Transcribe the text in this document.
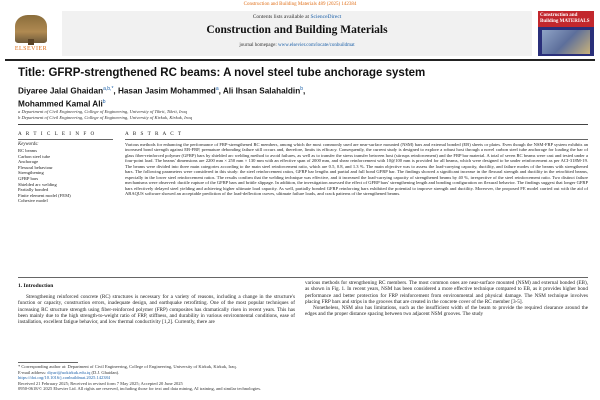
Construction and Building Materials 489 (2025) 142384
ELSEVIER
Contents lists available at ScienceDirect
Construction and Building Materials
journal homepage: www.elsevier.com/locate/conbuildmat
Construction and Building MATERIALS
Title: GFRP-strengthened RC beams: A novel steel tube anchorage system
Diyaree Jalal Ghaidan$^{a,b,*}$, Hasan Jasim Mohammed$^a$, Ali Ihsan Salahaldin$^b$,
Mohammed Kamal Ali$^b$
a Department of Civil Engineering, College of Engineering, University of Tikrit, Tikrit, Iraq
b Department of Civil Engineering, College of Engineering, University of Kirkuk, Kirkuk, Iraq
A R T I C L E I N F O
Keywords:
RC beams
Carbon steel tube
Anchorage
Flexural behaviour
Strengthening
GFRP bars
Shielded arc welding
Partially bonded
Finite element model (FEM)
Cohesive model
A B S T R A C T
Various methods for enhancing the performance of FRP-strengthened RC members, among which the most commonly used are near-surface mounted (NSM) bars and external bonded (EB) sheets or plates. Even though the NSM-FRP system exhibits an increased bond strength against EB-FRP, premature debonding failure still occurs and, therefore, limits its efficacy. Consequently, the current study is designed to explore a robust host through a novel carbon steel tube anchorage for loading the bar of glass fiber-reinforced polymer (GFRP) bars by shielded arc welding method to avoid failures, as well as to transfer the stress transfer between host (stirrups reinforcement) and the FRP bar material. A total of seven RC beams were cast and tested under a four-point load. The beams' dimensions are 2200 mm × 250 mm × 130 mm with an effective span of 2000 mm, and shear reinforcement with 10@100 mm is provided for all beams, which were designed to be under reinforcement as per ACI-318M-19. The beams were divided into three main categories according to the main steel reinforcement ratio, which are 0.5, 0.8, and 1.3 %. The main objective was to assess the load-carrying capacity, ductility, and failure modes of the beams with strengthened bars. The following parameters were considered in this study: the steel reinforcement ratios, GFRP bar lengths and partial and full bond GFRP bar. The findings showed a significant increase in the flexural strength and ductility in the retrofitted beams, especially in the lower steel reinforcement ratios. The results confirm that the welding technique was effective, and it increased the load-carrying capacity of strengthened beams by 40 %, irrespective of the steel reinforcement ratio. Two distinct failure mechanisms were observed: ductile rupture of the GFRP bars and brittle slippage. In addition, the investigation assessed the effect of GFRP bars' strengthening length and bonding configuration on flexural behavior. The findings suggest that longer GFRP bars effectively delayed steel yielding and achieving higher ultimate load capacity. As well, partially bonded GFRP reinforcing bars exhibited the potential to improve strength and ductility. Moreover, the proposed FE model carried out with the aid of ABAQUS software showed an acceptable prediction of the load-deflection curves, ultimate failure loads, and crack patterns of the strengthened beams.
1. Introduction
Strengthening reinforced concrete (RC) structures is necessary for a variety of reasons, including a change in the structure's function or capacity, construction errors, inadequate design, and earthquake retrofitting. One of the most popular techniques of increasing RC structure strength using fiber-reinforced polymer (FRP) composites has dramatically risen in recent years. This has been mainly due to the high strength-to-weight ratio of FRP, stiffness, and durability in various environmental conditions, ease of installation, excellent fatigue behavior, and low thermal conductivity [1,2]. Currently, there are

various methods for strengthening RC members. The most common ones are near-surface mounted (NSM) and external bonded (EB), as shown in Fig. 1. In recent years, NSM has been considered a more effective technique compared to EB, as it provides higher bond performance and better protection for FRP reinforcement from environmental and physical damage. The NSM technique involves placing FRP bars and strips in the grooves that are created in the concrete cover of the RC member [3-5].

Nonetheless, NSM also has limitations, such as the insufficient width of the beam to provide the required clearance around the edges and the proper distance spacing between two adjacent NSM grooves. The study

* Corresponding author at: Department of Civil Engineering, College of Engineering, University of Kirkuk, Kirkuk, Iraq.
E-mail address: diyari@uokirkuk.edu.iq (D.J. Ghaidan).
https://doi.org/10.1016/j.conbuildmat.2025.142384
Received 21 February 2025; Received in revised form 7 May 2025; Accepted 20 June 2025
0950-0618/© 2025 Elsevier Ltd. All rights are reserved, including those for text and data mining, AI training, and similar technologies.
